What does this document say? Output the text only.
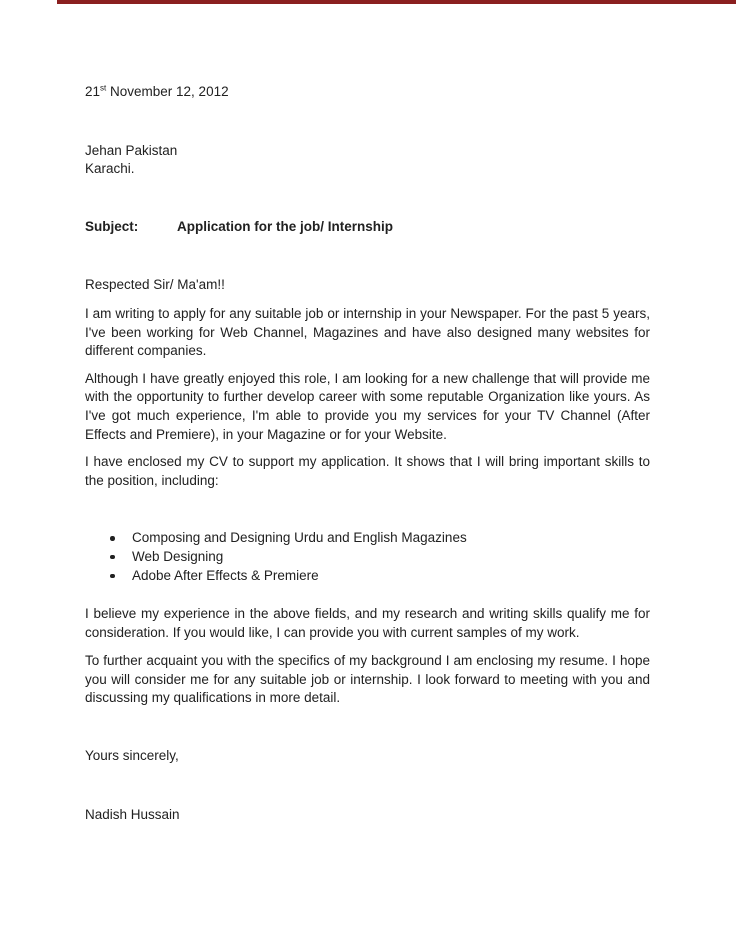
21st November 12, 2012

Jehan Pakistan

Karachi.

Subject:	Application for the job/ Internship

Respected Sir/ Ma'am!!

I am writing to apply for any suitable job or internship in your Newspaper. For the past 5 years, I've been working for Web Channel, Magazines and have also designed many websites for different companies.

Although I have greatly enjoyed this role, I am looking for a new challenge that will provide me with the opportunity to further develop career with some reputable Organization like yours. As I've got much experience, I'm able to provide you my services for your TV Channel (After Effects and Premiere), in your Magazine or for your Website.

I have enclosed my CV to support my application. It shows that I will bring important skills to the position, including:

Composing and Designing Urdu and English Magazines
Web Designing
Adobe After Effects & Premiere

I believe my experience in the above fields, and my research and writing skills qualify me for consideration. If you would like, I can provide you with current samples of my work.

To further acquaint you with the specifics of my background I am enclosing my resume. I hope you will consider me for any suitable job or internship. I look forward to meeting with you and discussing my qualifications in more detail.

Yours sincerely,

Nadish Hussain
